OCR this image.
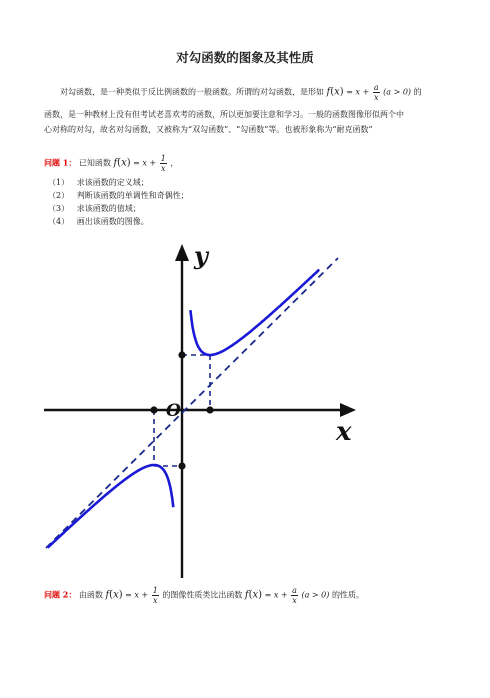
对勾函数的图象及其性质
对勾函数，是一种类似于反比例函数的一般函数。所谓的对勾函数，是形如 $f(x) = x + \frac{a}{x} (a > 0)$ 的
函数，是一种教材上没有但考试老喜欢考的函数，所以更加要注意和学习。一般的函数图像形似两个中
心对称的对勾，故名对勾函数，又被称为“双勾函数”、“勾函数”等。也被形象称为“耐克函数”
问题 1： 已知函数 $f(x) = x + \frac{1}{x}$ ，
（1） 求该函数的定义域；
（2） 判断该函数的单调性和奇偶性；
（3） 求该函数的值域；
（4） 画出该函数的图像。
y
x
O
问题 2： 由函数 $f(x) = x + \frac{1}{x}$ 的图像性质类比出函数 $f(x) = x + \frac{a}{x} (a > 0)$ 的性质。
